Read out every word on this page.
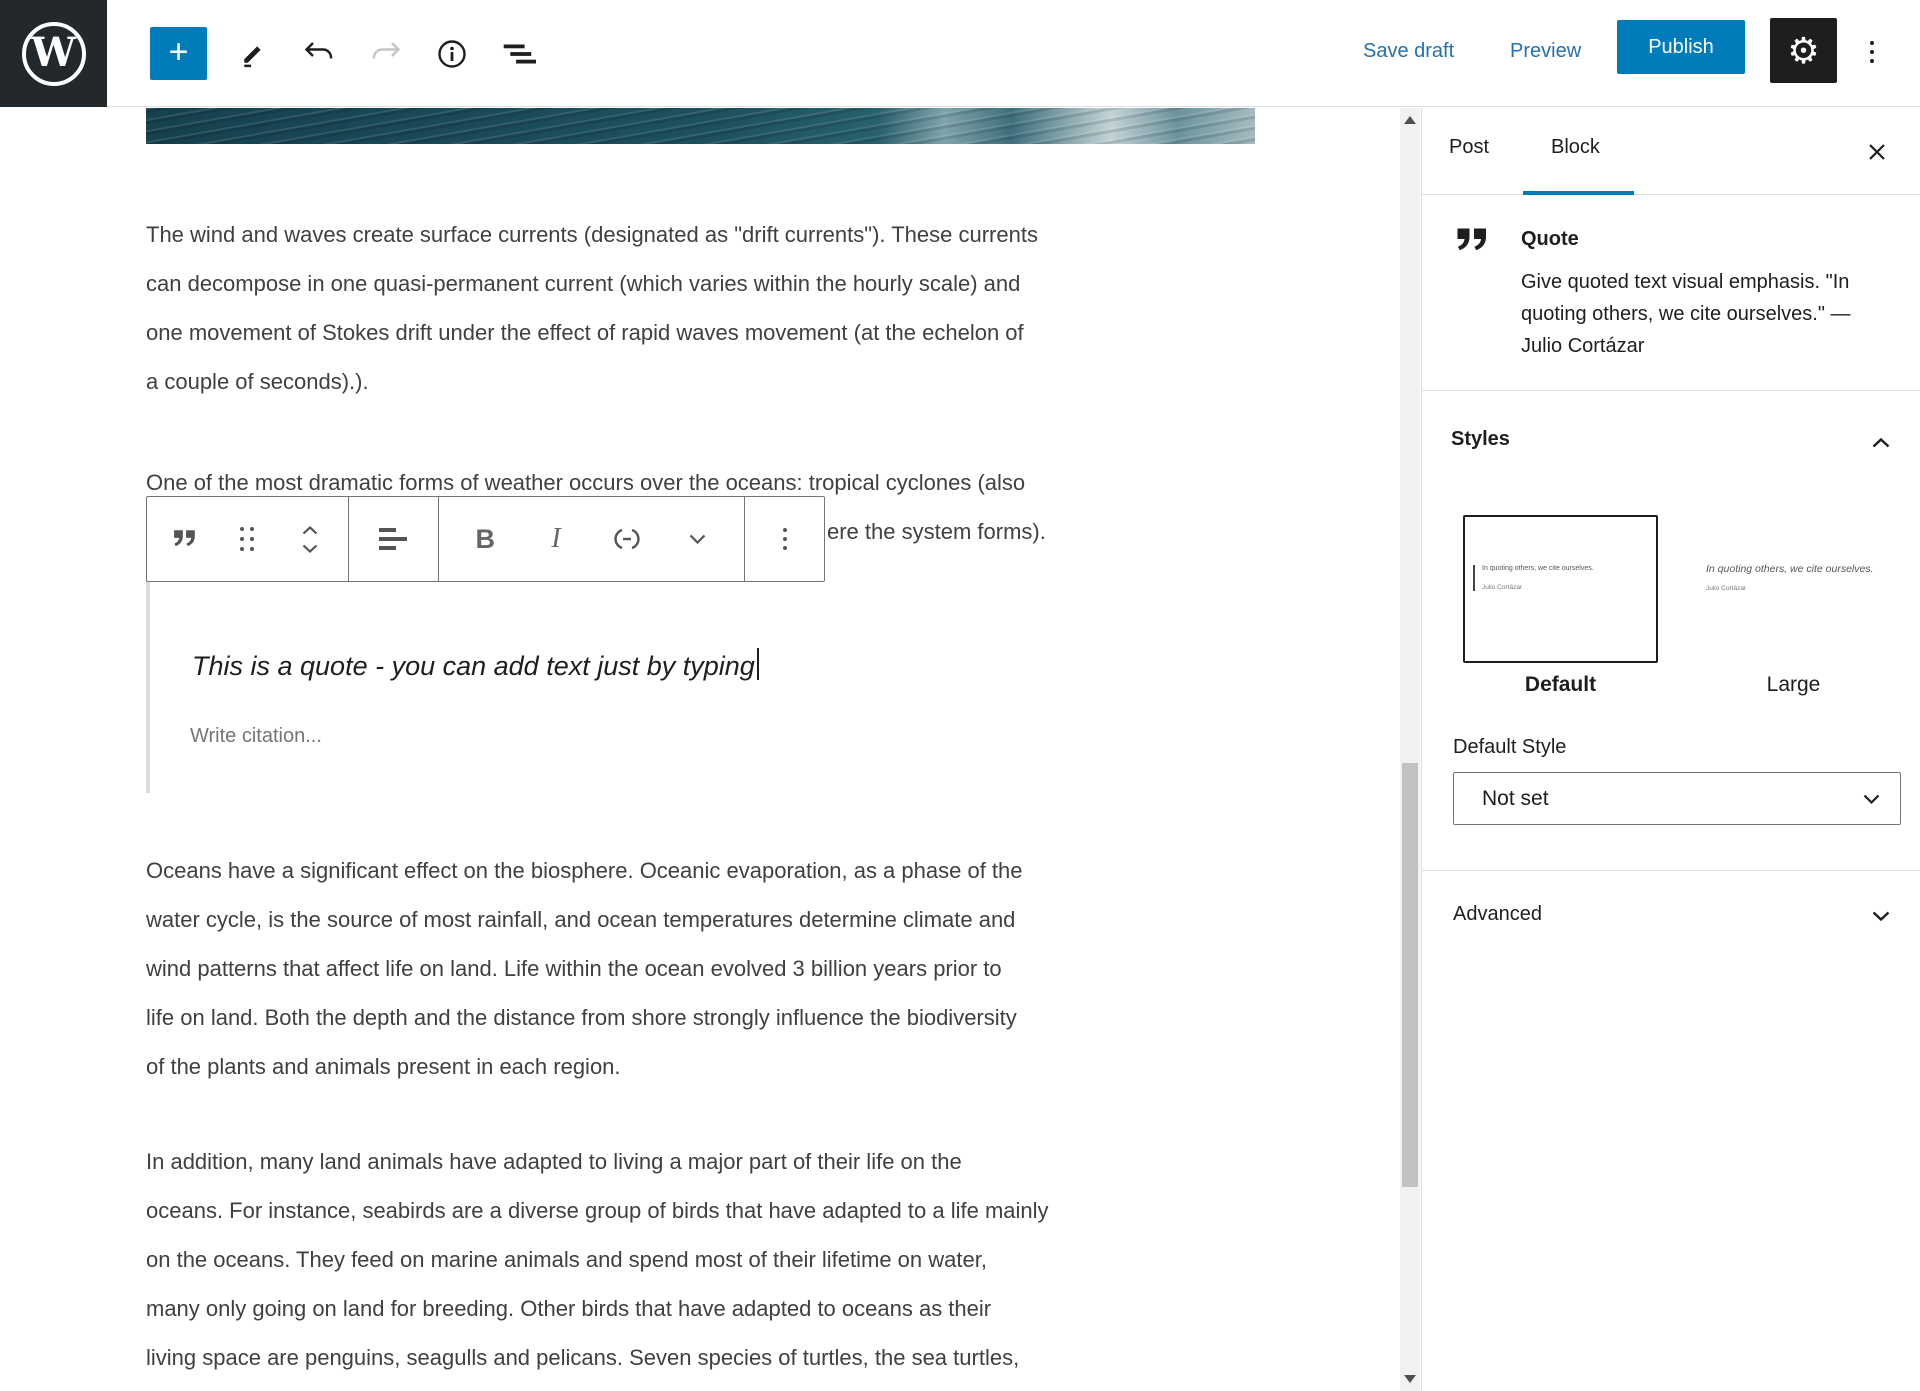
W	+	Save draft	Preview	Publish	⚙
The wind and waves create surface currents (designated as "drift currents"). These currents
can decompose in one quasi-permanent current (which varies within the hourly scale) and
one movement of Stokes drift under the effect of rapid waves movement (at the echelon of
a couple of seconds).).
One of the most dramatic forms of weather occurs over the oceans: tropical cyclones (also
ere the system forms).
This is a quote - you can add text just by typing
Write citation...
Oceans have a significant effect on the biosphere. Oceanic evaporation, as a phase of the
water cycle, is the source of most rainfall, and ocean temperatures determine climate and
wind patterns that affect life on land. Life within the ocean evolved 3 billion years prior to
life on land. Both the depth and the distance from shore strongly influence the biodiversity
of the plants and animals present in each region.
In addition, many land animals have adapted to living a major part of their life on the
oceans. For instance, seabirds are a diverse group of birds that have adapted to a life mainly
on the oceans. They feed on marine animals and spend most of their lifetime on water,
many only going on land for breeding. Other birds that have adapted to oceans as their
living space are penguins, seagulls and pelicans. Seven species of turtles, the sea turtles,
B I
Post	Block
Quote
Give quoted text visual emphasis. "In quoting others, we cite ourselves." — Julio Cortázar
Styles
In quoting others, we cite ourselves.
Julio Cortázar
In quoting others, we cite ourselves.
Julio Cortázar
Default	Large
Default Style
Not set
Advanced
